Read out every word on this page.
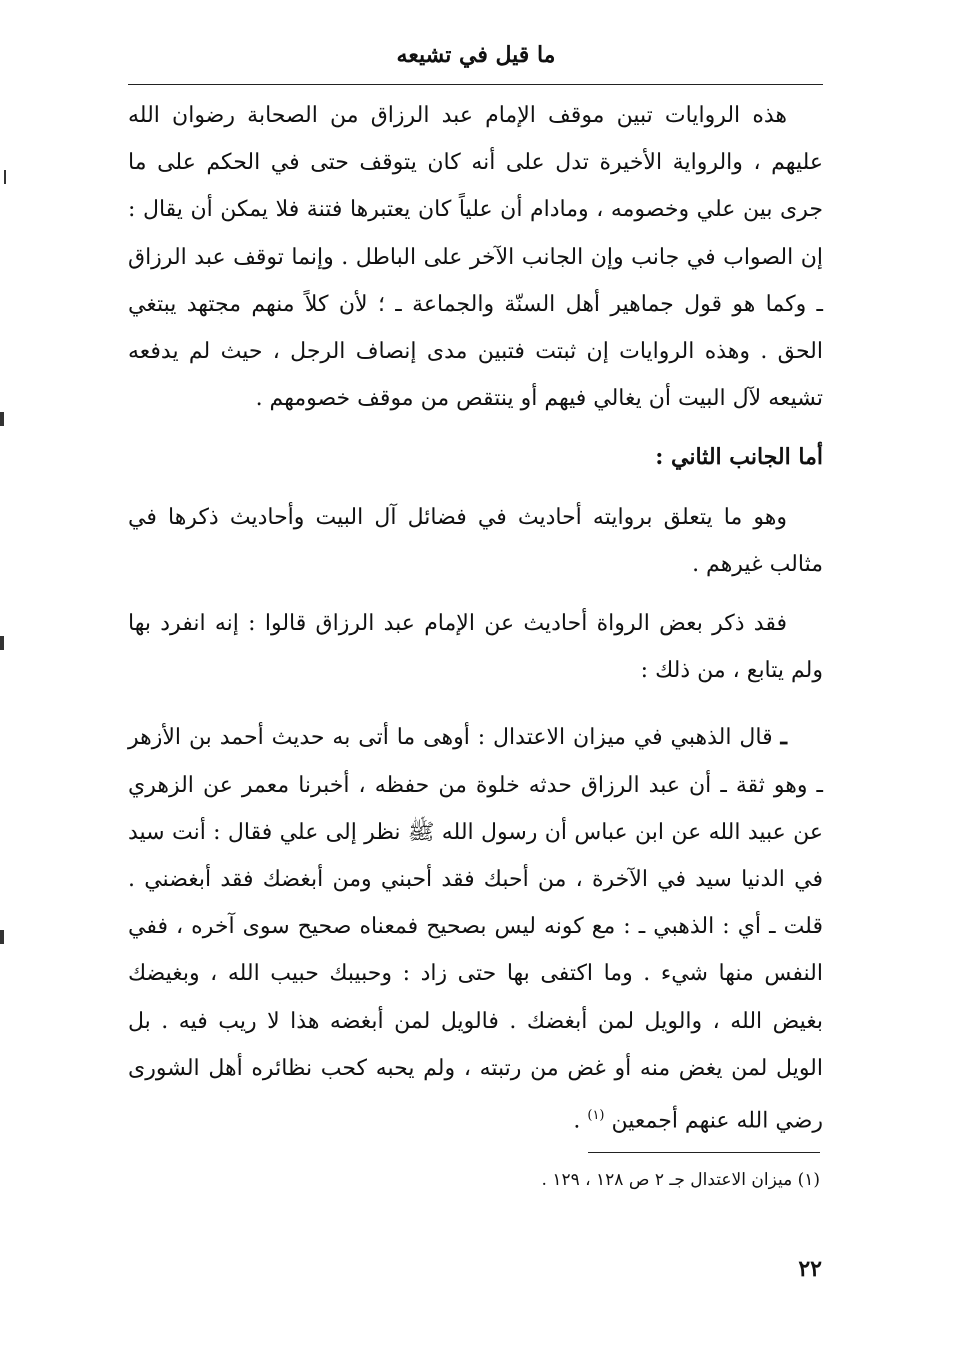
ما قيل في تشيعه

هذه الروايات تبين موقف الإمام عبد الرزاق من الصحابة رضوان الله عليهم ، والرواية الأخيرة تدل على أنه كان يتوقف حتى في الحكم على ما جرى بين علي وخصومه ، ومادام أن علياً كان يعتبرها فتنة فلا يمكن أن يقال : إن الصواب في جانب وإن الجانب الآخر على الباطل . وإنما توقف عبد الرزاق ـ وكما هو قول جماهير أهل السنّة والجماعة ـ ؛ لأن كلاً منهم مجتهد يبتغي الحق . وهذه الروايات إن ثبتت فتبين مدى إنصاف الرجل ، حيث لم يدفعه تشيعه لآل البيت أن يغالي فيهم أو ينتقص من موقف خصومهم .

أما الجانب الثاني :

وهو ما يتعلق بروايته أحاديث في فضائل آل البيت وأحاديث ذكرها في مثالب غيرهم .

فقد ذكر بعض الرواة أحاديث عن الإمام عبد الرزاق قالوا : إنه انفرد بها ولم يتابع ، من ذلك :

ـ قال الذهبي في ميزان الاعتدال : أوهى ما أتى به حديث أحمد بن الأزهر ـ وهو ثقة ـ أن عبد الرزاق حدثه خلوة من حفظه ، أخبرنا معمر عن الزهري عن عبيد الله عن ابن عباس أن رسول الله ﷺ نظر إلى علي فقال : أنت سيد في الدنيا سيد في الآخرة ، من أحبك فقد أحبني ومن أبغضك فقد أبغضني . قلت ـ أي : الذهبي ـ : مع كونه ليس بصحيح فمعناه صحيح سوى آخره ، ففي النفس منها شيء . وما اكتفى بها حتى زاد : وحبيبك حبيب الله ، وبغيضك بغيض الله ، والويل لمن أبغضك . فالويل لمن أبغضه هذا لا ريب فيه . بل الويل لمن يغض منه أو غض من رتبته ، ولم يحبه كحب نظائره أهل الشورى رضي الله عنهم أجمعين $^{(١)}$ .

(١) ميزان الاعتدال جـ ٢ ص ١٢٨ ، ١٢٩ .
٢٢
